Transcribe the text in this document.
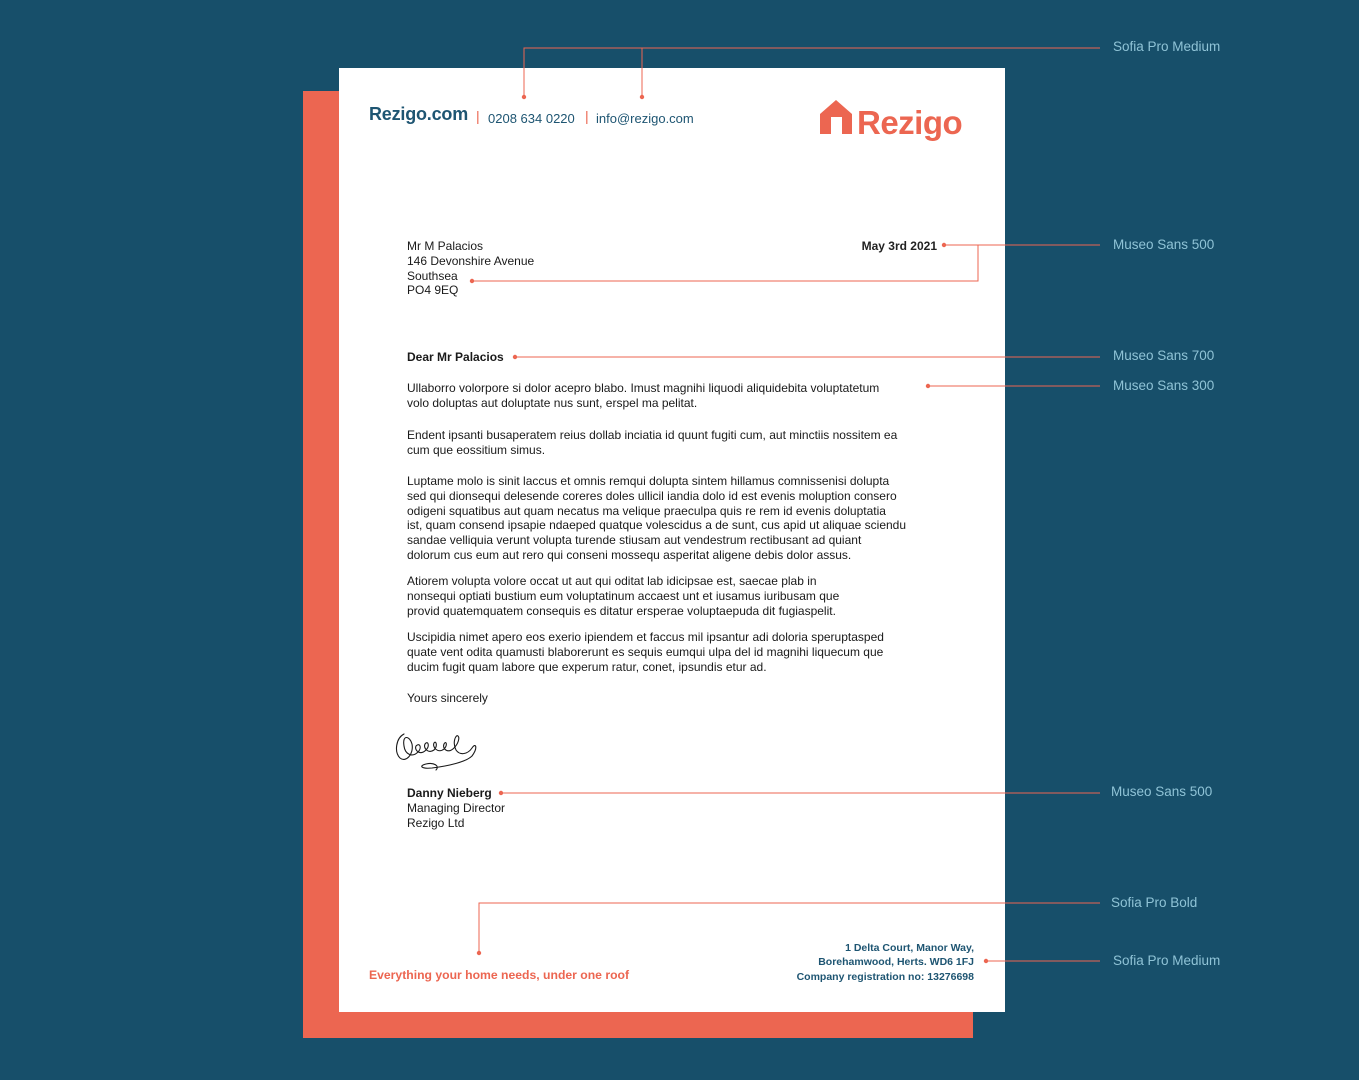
Rezigo.com | 0208 634 0220 | info@rezigo.com	Rezigo
Mr M Palacios
146 Devonshire Avenue
Southsea
PO4 9EQ
May 3rd 2021
Dear Mr Palacios
Ullaborro volorpore si dolor acepro blabo. Imust magnihi liquodi aliquidebita voluptatetum
volo doluptas aut doluptate nus sunt, erspel ma pelitat.
Endent ipsanti busaperatem reius dollab inciatia id quunt fugiti cum, aut minctiis nossitem ea
cum que eossitium simus.
Luptame molo is sinit laccus et omnis remqui dolupta sintem hillamus comnissenisi dolupta
sed qui dionsequi delesende coreres doles ullicil iandia dolo id est evenis moluption consero
odigeni squatibus aut quam necatus ma velique praeculpa quis re rem id evenis doluptatia
ist, quam consend ipsapie ndaeped quatque volescidus a de sunt, cus apid ut aliquae sciendu
sandae velliquia verunt volupta turende stiusam aut vendestrum rectibusant ad quiant
dolorum cus eum aut rero qui conseni mossequ asperitat aligene debis dolor assus.
Atiorem volupta volore occat ut aut qui oditat lab idicipsae est, saecae plab in
nonsequi optiati bustium eum voluptatinum accaest unt et iusamus iuribusam que
provid quatemquatem consequis es ditatur ersperae voluptaepuda dit fugiaspelit.
Uscipidia nimet apero eos exerio ipiendem et faccus mil ipsantur adi doloria speruptasped
quate vent odita quamusti blaborerunt es sequis eumqui ulpa del id magnihi liquecum que
ducim fugit quam labore que experum ratur, conet, ipsundis etur ad.
Yours sincerely
Danny Nieberg
Managing Director
Rezigo Ltd
Everything your home needs, under one roof
1 Delta Court, Manor Way,
Borehamwood, Herts. WD6 1FJ
Company registration no: 13276698
Sofia Pro Medium
Museo Sans 500
Museo Sans 700
Museo Sans 300
Museo Sans 500
Sofia Pro Bold
Sofia Pro Medium
